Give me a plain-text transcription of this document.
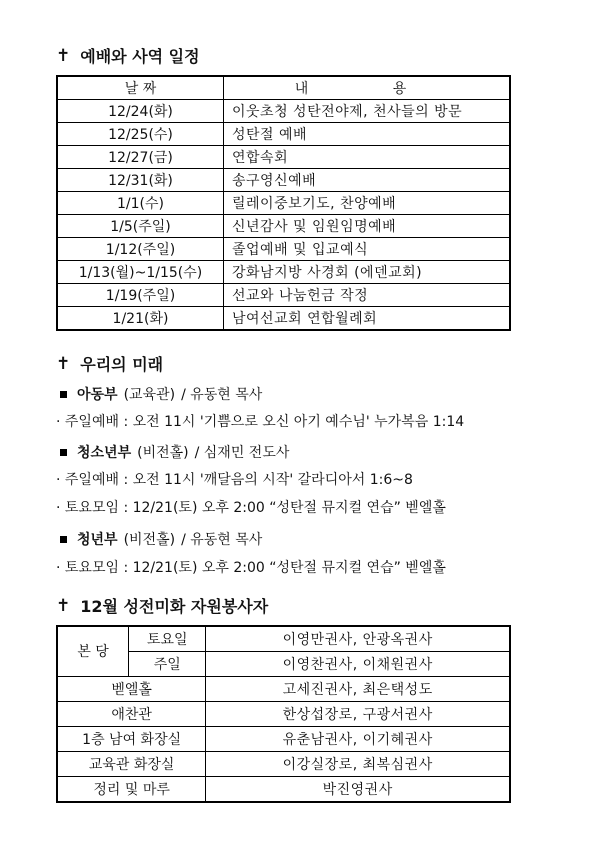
✝ 예배와 사역 일정
날 짜	내 용
12/24(화)	이웃초청 성탄전야제, 천사들의 방문
12/25(수)	성탄절 예배
12/27(금)	연합속회
12/31(화)	송구영신예배
1/1(수)	릴레이중보기도, 찬양예배
1/5(주일)	신년감사 및 임원임명예배
1/12(주일)	졸업예배 및 입교예식
1/13(월)~1/15(수)	강화남지방 사경회 (에덴교회)
1/19(주일)	선교와 나눔헌금 작정
1/21(화)	남여선교회 연합월례회
✝ 우리의 미래
아동부 (교육관) / 유동현 목사
· 주일예배 : 오전 11시 '기쁨으로 오신 아기 예수님' 누가복음 1:14
청소년부 (비전홀) / 심재민 전도사
· 주일예배 : 오전 11시 '깨달음의 시작' 갈라디아서 1:6~8
· 토요모임 : 12/21(토) 오후 2:00 “성탄절 뮤지컬 연습” 벧엘홀
청년부 (비전홀) / 유동현 목사
· 토요모임 : 12/21(토) 오후 2:00 “성탄절 뮤지컬 연습” 벧엘홀
✝ 12월 성전미화 자원봉사자
본 당	토요일	이영만권사, 안광옥권사
	주일	이영찬권사, 이채원권사
벧엘홀		고세진권사, 최은택성도
애찬관		한상섭장로, 구광서권사
1층 남여 화장실		유춘남권사, 이기혜권사
교육관 화장실		이강실장로, 최복심권사
정리 및 마루		박진영권사
